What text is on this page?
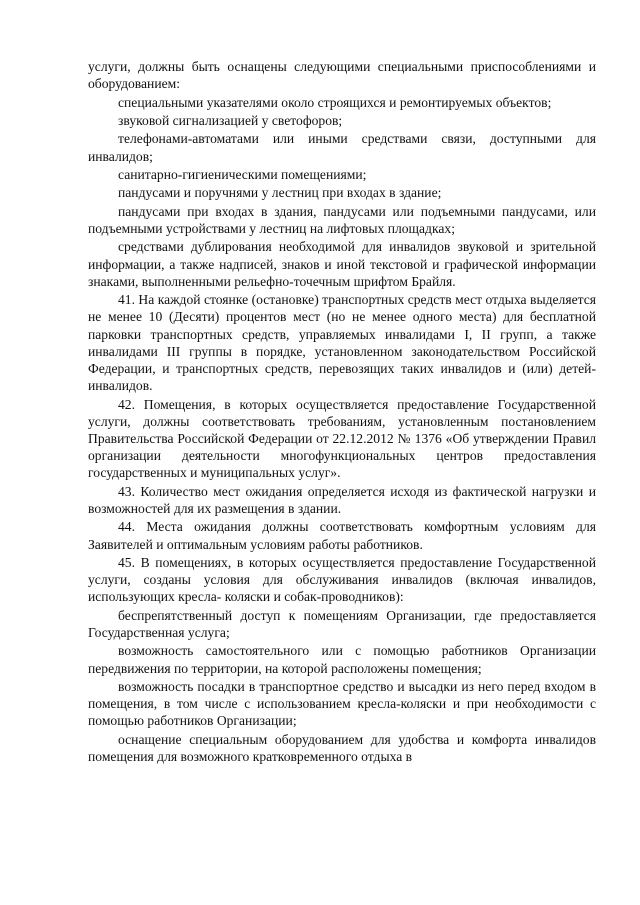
услуги, должны быть оснащены следующими специальными приспособлениями и оборудованием:

специальными указателями около строящихся и ремонтируемых объектов;

звуковой сигнализацией у светофоров;

телефонами-автоматами или иными средствами связи, доступными для инвалидов;

санитарно-гигиеническими помещениями;

пандусами и поручнями у лестниц при входах в здание;

пандусами при входах в здания, пандусами или подъемными пандусами, или подъемными устройствами у лестниц на лифтовых площадках;

средствами дублирования необходимой для инвалидов звуковой и зрительной информации, а также надписей, знаков и иной текстовой и графической информации знаками, выполненными рельефно-точечным шрифтом Брайля.

41. На каждой стоянке (остановке) транспортных средств мест отдыха выделяется не менее 10 (Десяти) процентов мест (но не менее одного места) для бесплатной парковки транспортных средств, управляемых инвалидами I, II групп, а также инвалидами III группы в порядке, установленном законодательством Российской Федерации, и транспортных средств, перевозящих таких инвалидов и (или) детей-инвалидов.

42. Помещения, в которых осуществляется предоставление Государственной услуги, должны соответствовать требованиям, установленным постановлением Правительства Российской Федерации от 22.12.2012 № 1376 «Об утверждении Правил организации деятельности многофункциональных центров предоставления государственных и муниципальных услуг».

43. Количество мест ожидания определяется исходя из фактической нагрузки и возможностей для их размещения в здании.

44. Места ожидания должны соответствовать комфортным условиям для Заявителей и оптимальным условиям работы работников.

45. В помещениях, в которых осуществляется предоставление Государственной услуги, созданы условия для обслуживания инвалидов (включая инвалидов, использующих кресла- коляски и собак-проводников):

беспрепятственный доступ к помещениям Организации, где предоставляется Государственная услуга;

возможность самостоятельного или с помощью работников Организации передвижения по территории, на которой расположены помещения;

возможность посадки в транспортное средство и высадки из него перед входом в помещения, в том числе с использованием кресла-коляски и при необходимости с помощью работников Организации;

оснащение специальным оборудованием для удобства и комфорта инвалидов помещения для возможного кратковременного отдыха в
